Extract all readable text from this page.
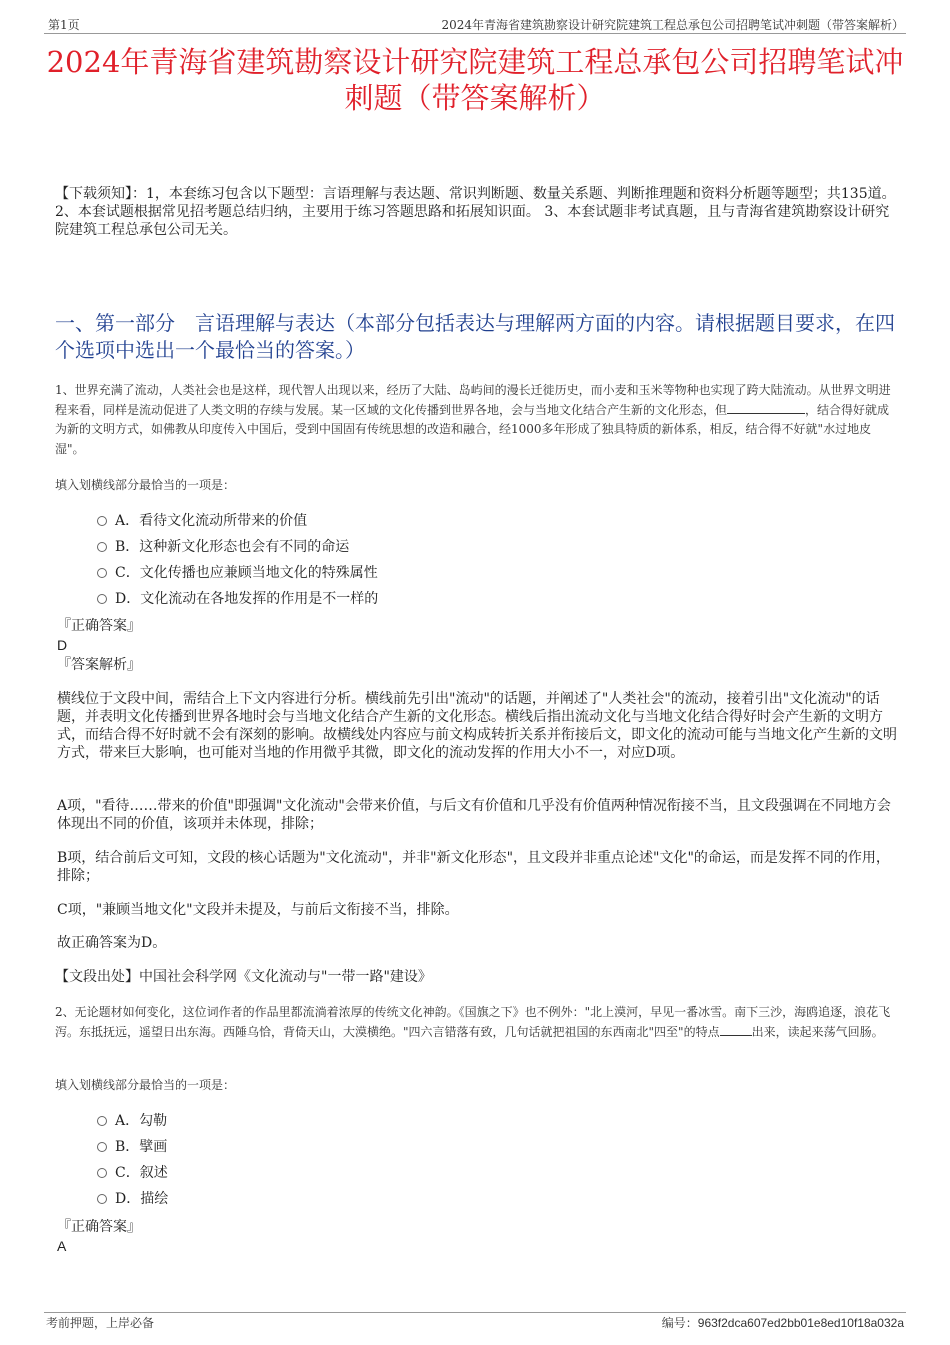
第1页	2024年青海省建筑勘察设计研究院建筑工程总承包公司招聘笔试冲刺题（带答案解析）
2024年青海省建筑勘察设计研究院建筑工程总承包公司招聘笔试冲刺题（带答案解析）
【下载须知】：1，本套练习包含以下题型：言语理解与表达题、常识判断题、数量关系题、判断推理题和资料分析题等题型；共135道。 2、本套试题根据常见招考题总结归纳，主要用于练习答题思路和拓展知识面。 3、本套试题非考试真题，且与青海省建筑勘察设计研究院建筑工程总承包公司无关。
一、第一部分　言语理解与表达（本部分包括表达与理解两方面的内容。请根据题目要求，在四个选项中选出一个最恰当的答案。）
1、世界充满了流动，人类社会也是这样，现代智人出现以来，经历了大陆、岛屿间的漫长迁徙历史，而小麦和玉米等物种也实现了跨大陆流动。从世界文明进程来看，同样是流动促进了人类文明的存续与发展。某一区域的文化传播到世界各地，会与当地文化结合产生新的文化形态，但	，结合得好就成为新的文明方式，如佛教从印度传入中国后，受到中国固有传统思想的改造和融合，经1000多年形成了独具特质的新体系，相反，结合得不好就"水过地皮湿"。
填入划横线部分最恰当的一项是：
A．看待文化流动所带来的价值
B．这种新文化形态也会有不同的命运
C．文化传播也应兼顾当地文化的特殊属性
D．文化流动在各地发挥的作用是不一样的
『正确答案』
D
『答案解析』
横线位于文段中间，需结合上下文内容进行分析。横线前先引出"流动"的话题，并阐述了"人类社会"的流动，接着引出"文化流动"的话题，并表明文化传播到世界各地时会与当地文化结合产生新的文化形态。横线后指出流动文化与当地文化结合得好时会产生新的文明方式，而结合得不好时就不会有深刻的影响。故横线处内容应与前文构成转折关系并衔接后文，即文化的流动可能与当地文化产生新的文明方式，带来巨大影响，也可能对当地的作用微乎其微，即文化的流动发挥的作用大小不一，对应D项。
A项，"看待……带来的价值"即强调"文化流动"会带来价值，与后文有价值和几乎没有价值两种情况衔接不当，且文段强调在不同地方会体现出不同的价值，该项并未体现，排除；
B项，结合前后文可知，文段的核心话题为"文化流动"，并非"新文化形态"，且文段并非重点论述"文化"的命运，而是发挥不同的作用，排除；
C项，"兼顾当地文化"文段并未提及，与前后文衔接不当，排除。
故正确答案为D。
【文段出处】中国社会科学网《文化流动与"一带一路"建设》
2、无论题材如何变化，这位词作者的作品里都流淌着浓厚的传统文化神韵。《国旗之下》也不例外："北上漠河，早见一番冰雪。南下三沙，海鸥追逐，浪花飞泻。东抵抚远，遥望日出东海。西陲乌恰，背倚天山，大漠横绝。"四六言错落有致，几句话就把祖国的东西南北"四至"的特点	出来，读起来荡气回肠。
填入划横线部分最恰当的一项是：
A．勾勒
B．擘画
C．叙述
D．描绘
『正确答案』
A
考前押题，上岸必备	编号：963f2dca607ed2bb01e8ed10f18a032a
